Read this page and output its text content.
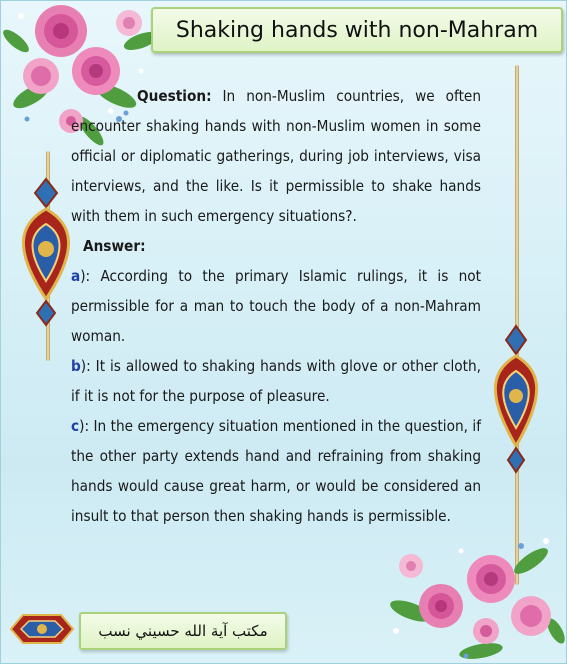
Shaking hands with non-Mahram

Question: In non-Muslim countries, we often encounter shaking hands with non-Muslim women in some official or diplomatic gatherings, during job interviews, visa interviews, and the like. Is it permissible to shake hands with them in such emergency situations?.

Answer:

a): According to the primary Islamic rulings, it is not permissible for a man to touch the body of a non-Mahram woman.

b): It is allowed to shaking hands with glove or other cloth, if it is not for the purpose of pleasure.

c): In the emergency situation mentioned in the question, if the other party extends hand and refraining from shaking hands would cause great harm, or would be considered an insult to that person then shaking hands is permissible.

مکتب آية الله حسيني نسب
